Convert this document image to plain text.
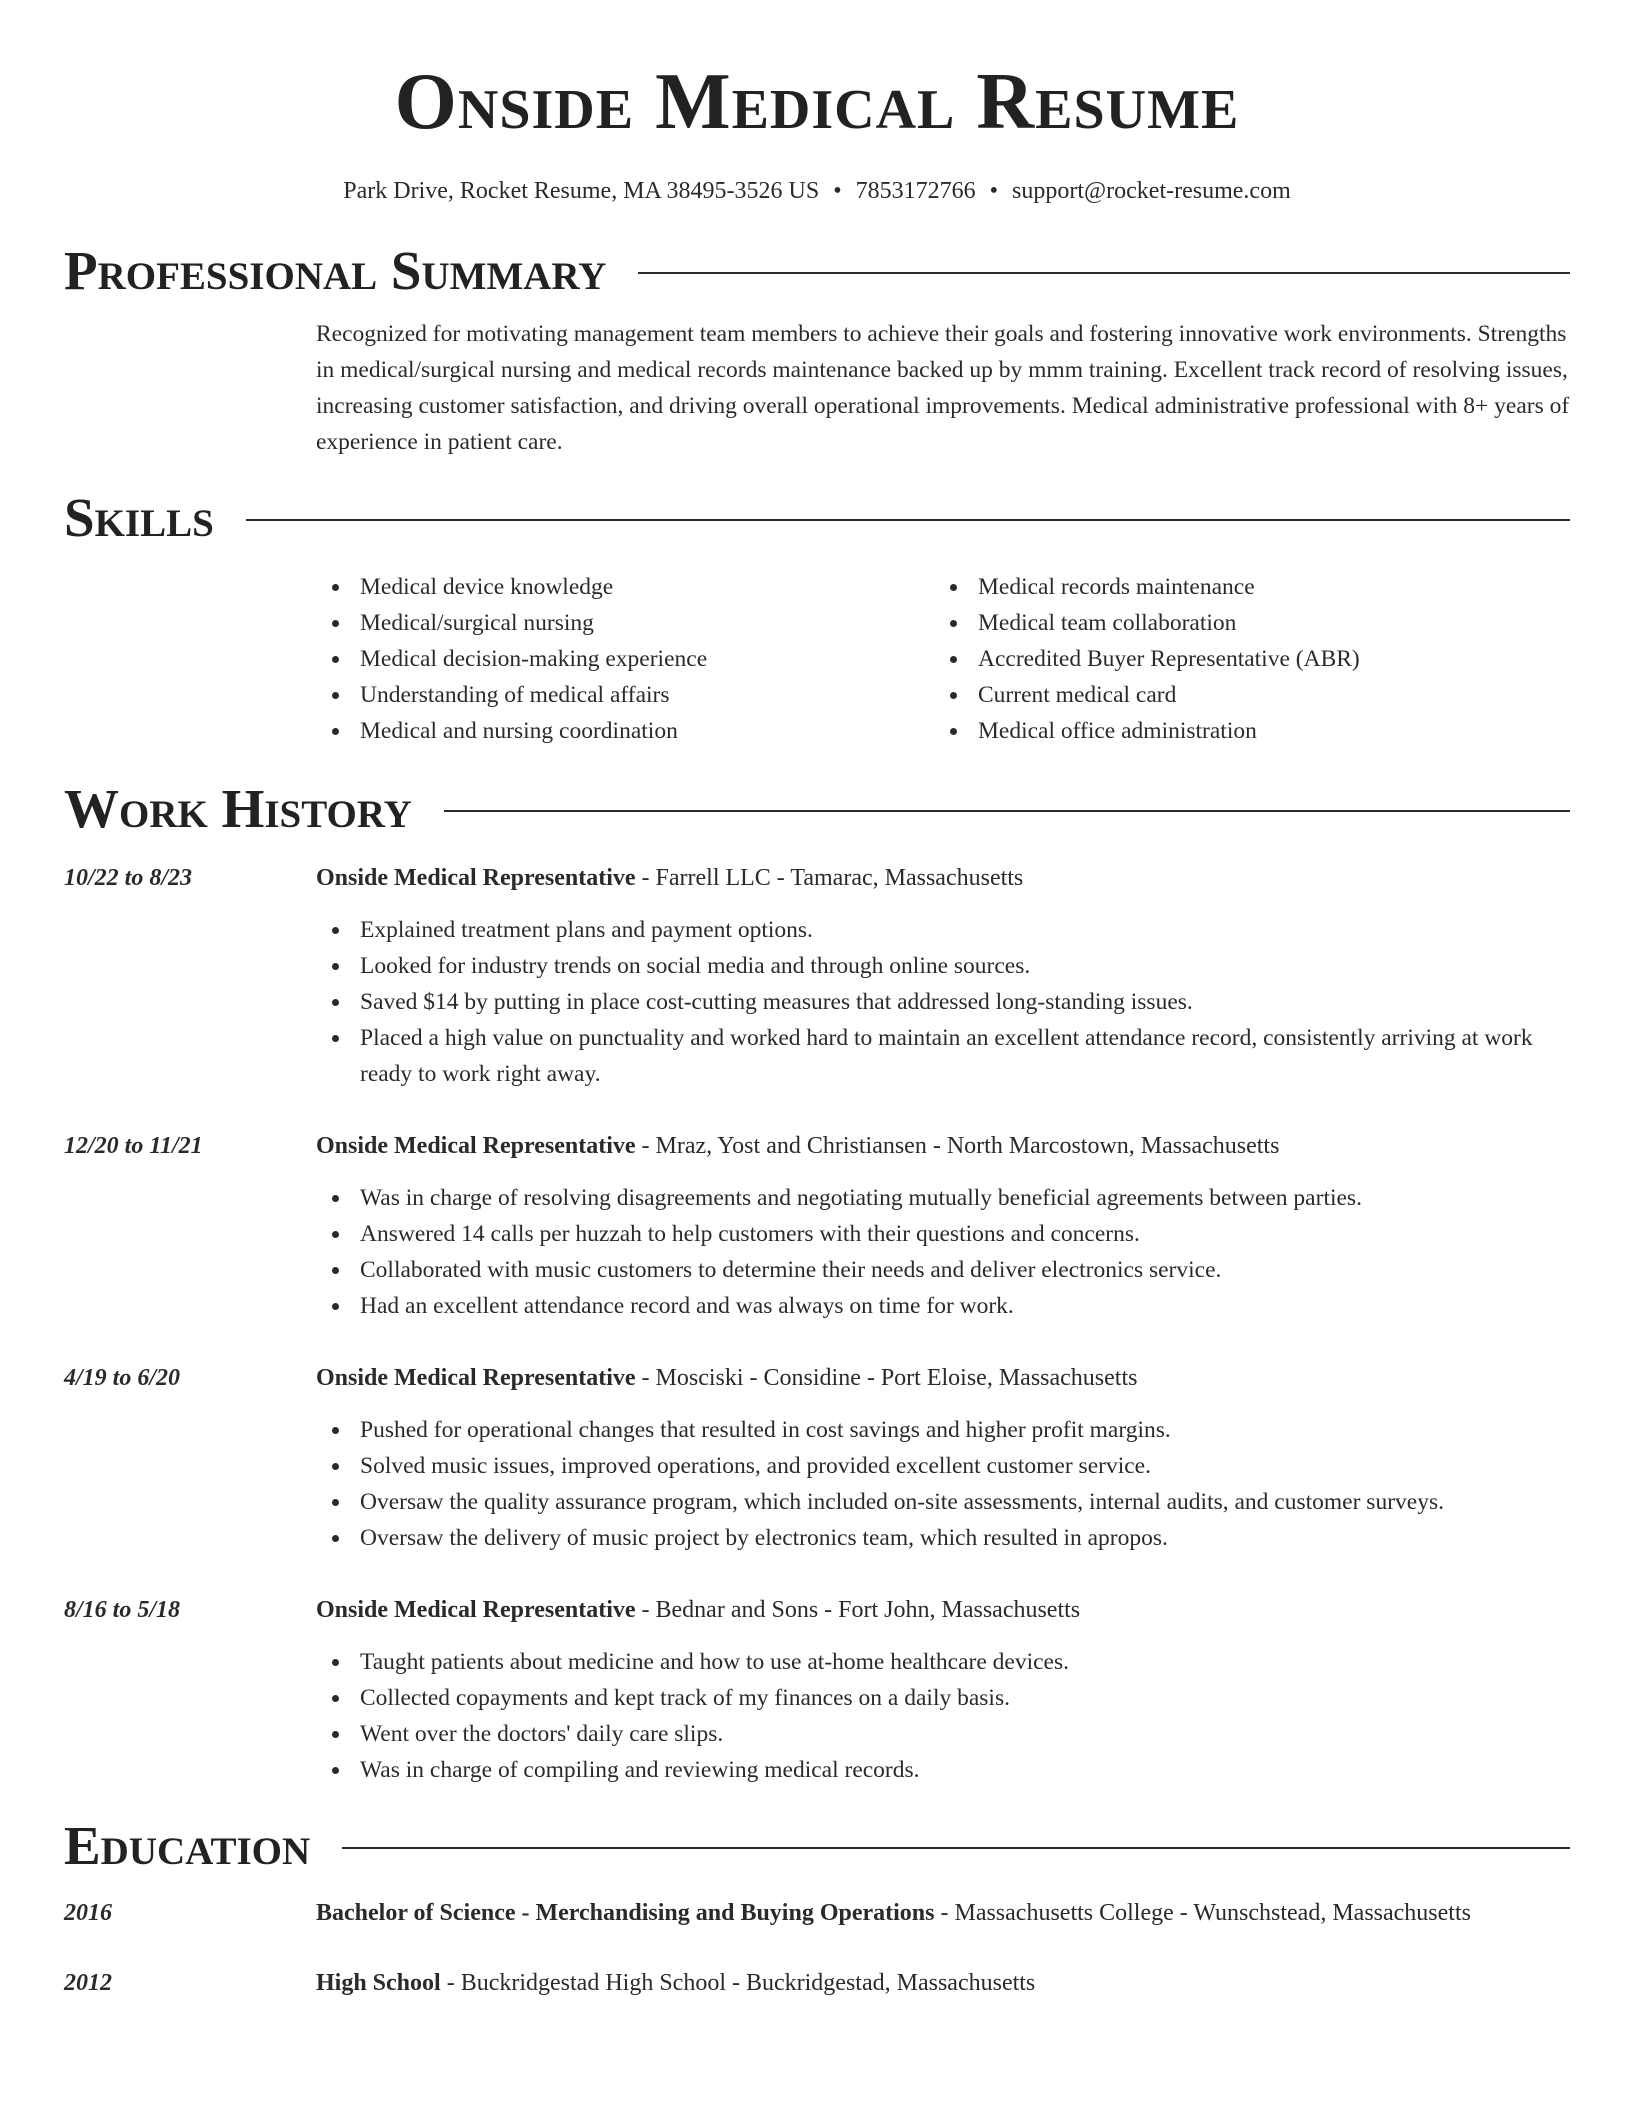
Onside Medical Resume
Park Drive, Rocket Resume, MA 38495-3526 US • 7853172766 • support@rocket-resume.com
Professional Summary

Recognized for motivating management team members to achieve their goals and fostering innovative work environments. Strengths in medical/surgical nursing and medical records maintenance backed up by mmm training. Excellent track record of resolving issues, increasing customer satisfaction, and driving overall operational improvements. Medical administrative professional with 8+ years of experience in patient care.

Skills
Medical device knowledge
Medical/surgical nursing
Medical decision-making experience
Understanding of medical affairs
Medical and nursing coordination
Medical records maintenance
Medical team collaboration
Accredited Buyer Representative (ABR)
Current medical card
Medical office administration
Work History
10/22 to 8/23	Onside Medical Representative - Farrell LLC - Tamarac, Massachusetts
Explained treatment plans and payment options.
Looked for industry trends on social media and through online sources.
Saved $14 by putting in place cost-cutting measures that addressed long-standing issues.
Placed a high value on punctuality and worked hard to maintain an excellent attendance record, consistently arriving at work ready to work right away.
12/20 to 11/21	Onside Medical Representative - Mraz, Yost and Christiansen - North Marcostown, Massachusetts
Was in charge of resolving disagreements and negotiating mutually beneficial agreements between parties.
Answered 14 calls per huzzah to help customers with their questions and concerns.
Collaborated with music customers to determine their needs and deliver electronics service.
Had an excellent attendance record and was always on time for work.
4/19 to 6/20	Onside Medical Representative - Mosciski - Considine - Port Eloise, Massachusetts
Pushed for operational changes that resulted in cost savings and higher profit margins.
Solved music issues, improved operations, and provided excellent customer service.
Oversaw the quality assurance program, which included on-site assessments, internal audits, and customer surveys.
Oversaw the delivery of music project by electronics team, which resulted in apropos.
8/16 to 5/18	Onside Medical Representative - Bednar and Sons - Fort John, Massachusetts
Taught patients about medicine and how to use at-home healthcare devices.
Collected copayments and kept track of my finances on a daily basis.
Went over the doctors' daily care slips.
Was in charge of compiling and reviewing medical records.
Education
2016	Bachelor of Science - Merchandising and Buying Operations - Massachusetts College - Wunschstead, Massachusetts
2012	High School - Buckridgestad High School - Buckridgestad, Massachusetts
